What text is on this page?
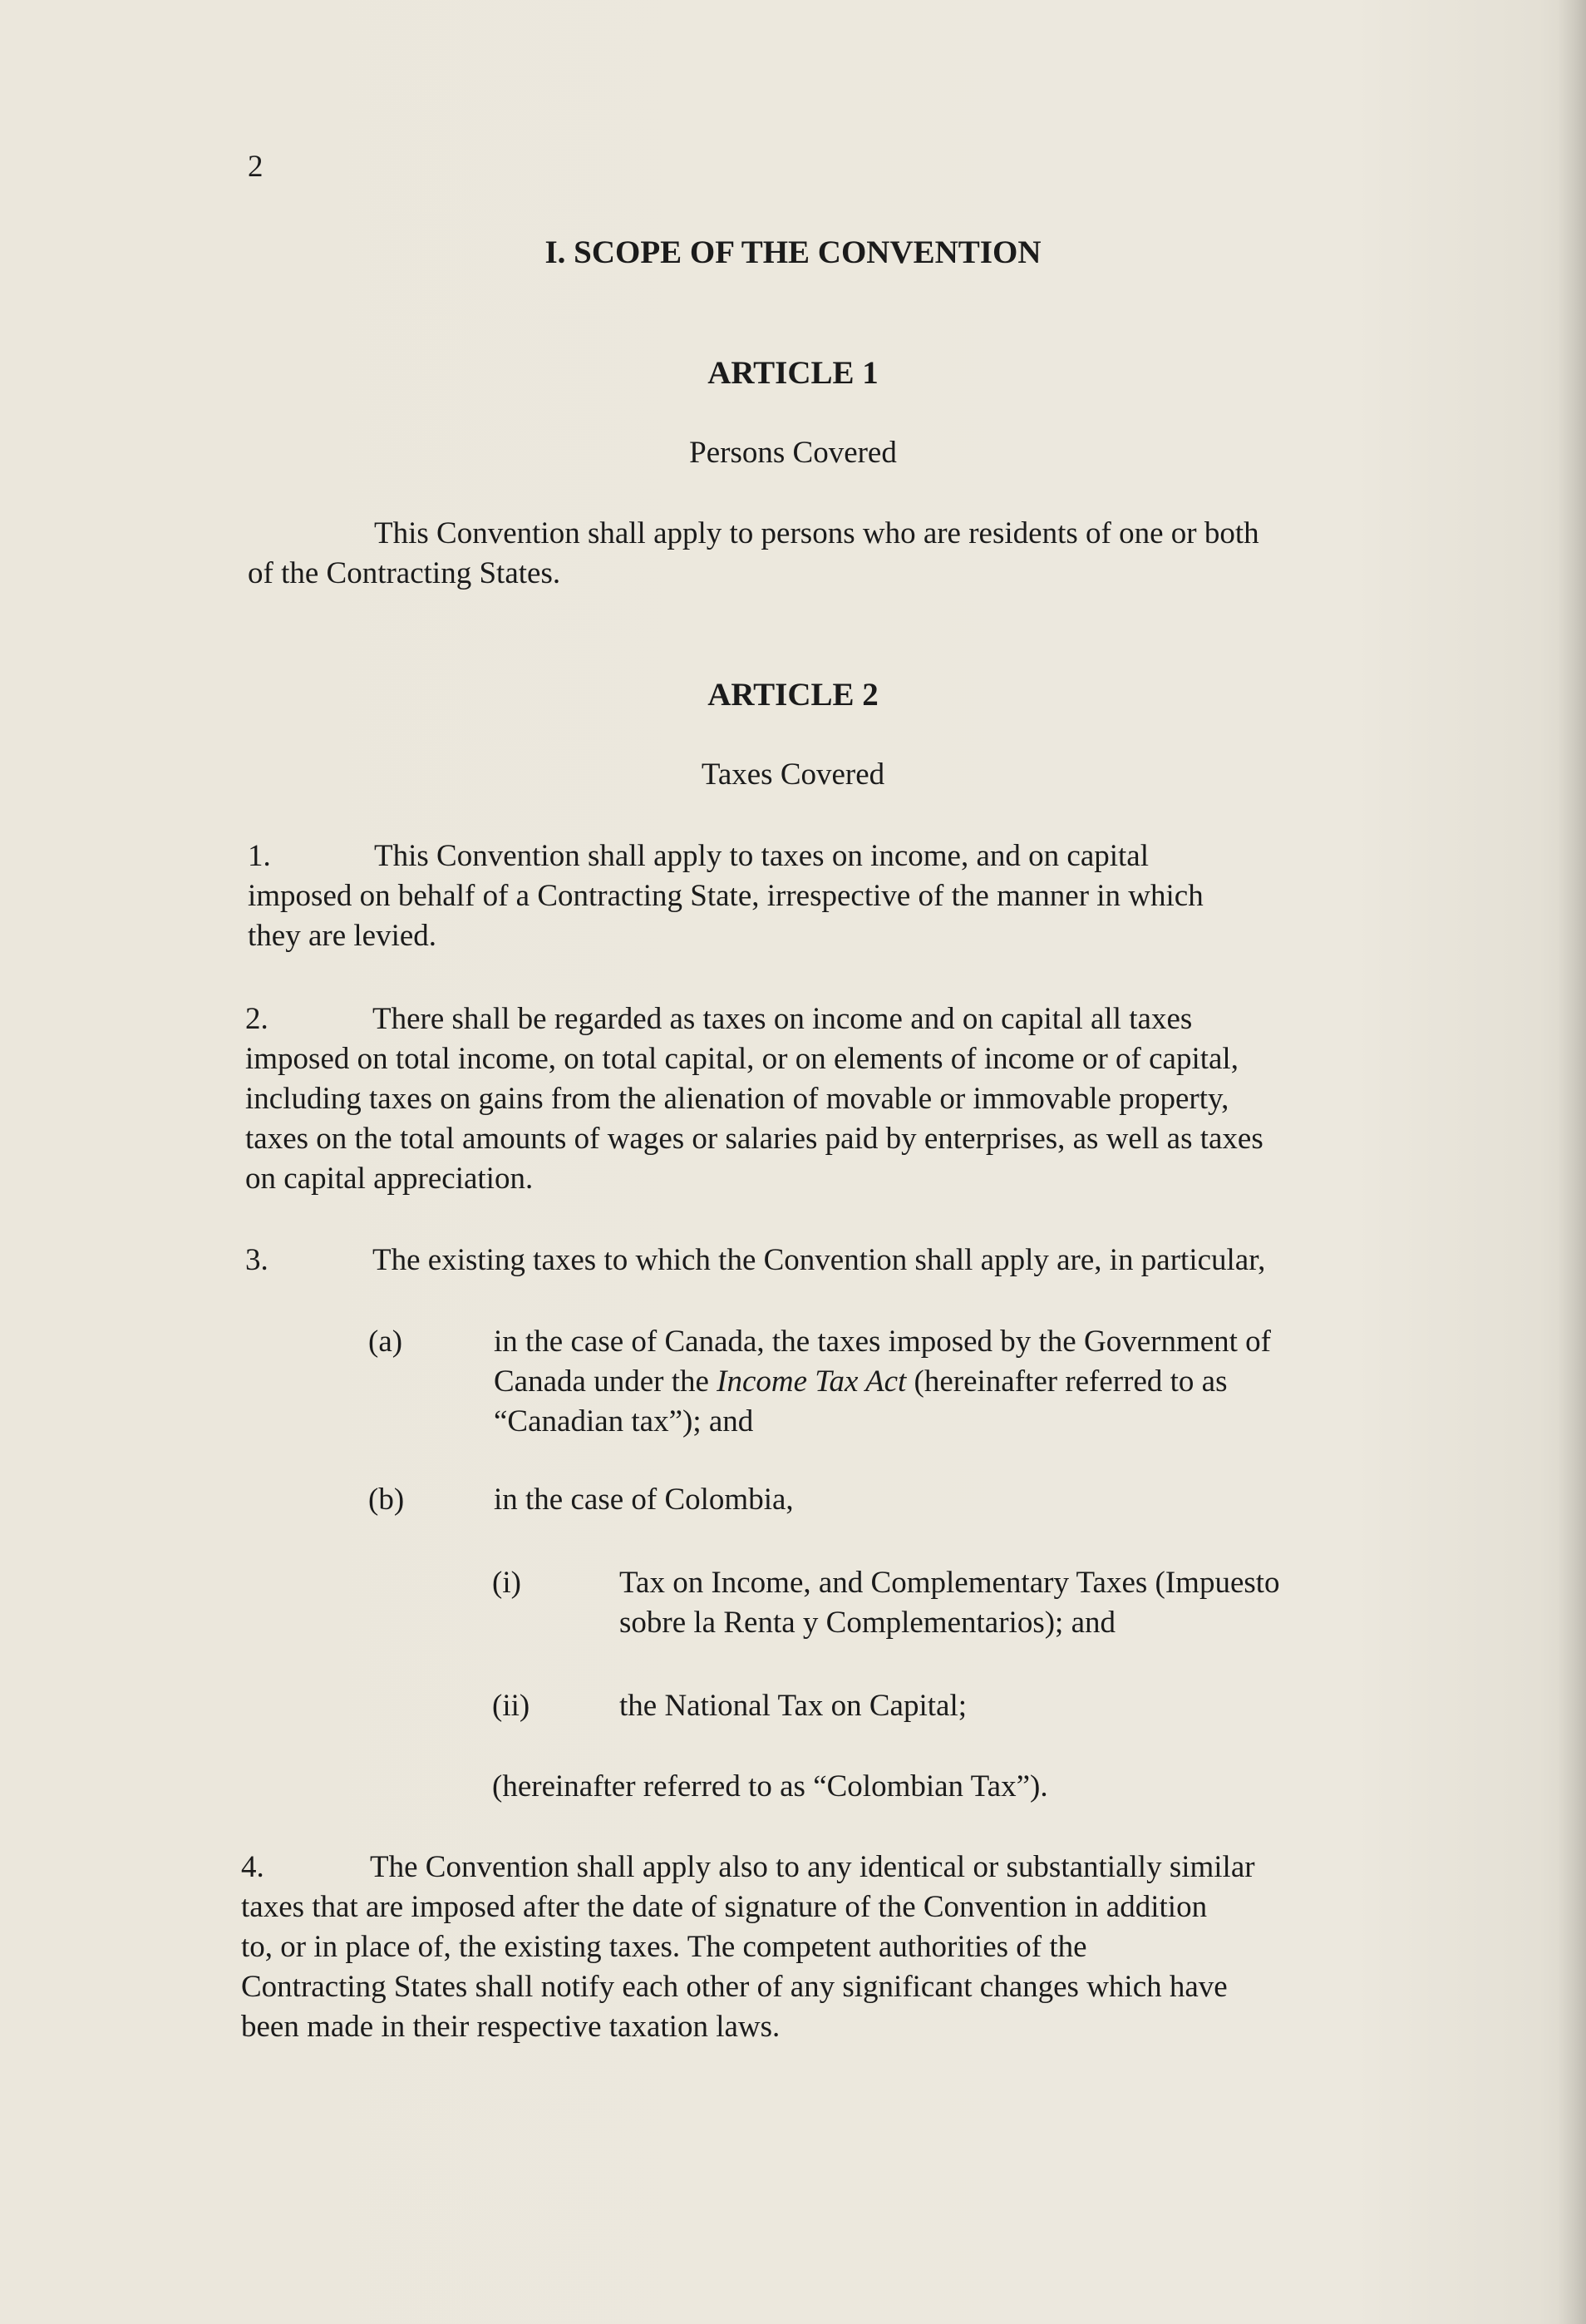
2
I. SCOPE OF THE CONVENTION
ARTICLE 1
Persons Covered
This Convention shall apply to persons who are residents of one or both
of the Contracting States.
ARTICLE 2
Taxes Covered
1.	This Convention shall apply to taxes on income, and on capital
imposed on behalf of a Contracting State, irrespective of the manner in which
they are levied.
2.	There shall be regarded as taxes on income and on capital all taxes
imposed on total income, on total capital, or on elements of income or of capital,
including taxes on gains from the alienation of movable or immovable property,
taxes on the total amounts of wages or salaries paid by enterprises, as well as taxes
on capital appreciation.
3.	The existing taxes to which the Convention shall apply are, in particular,
(a)	in the case of Canada, the taxes imposed by the Government of
Canada under the Income Tax Act (hereinafter referred to as
“Canadian tax”); and
(b)	in the case of Colombia,
(i)	Tax on Income, and Complementary Taxes (Impuesto
sobre la Renta y Complementarios); and
(ii)	the National Tax on Capital;
(hereinafter referred to as “Colombian Tax”).
4.	The Convention shall apply also to any identical or substantially similar
taxes that are imposed after the date of signature of the Convention in addition
to, or in place of, the existing taxes. The competent authorities of the
Contracting States shall notify each other of any significant changes which have
been made in their respective taxation laws.
